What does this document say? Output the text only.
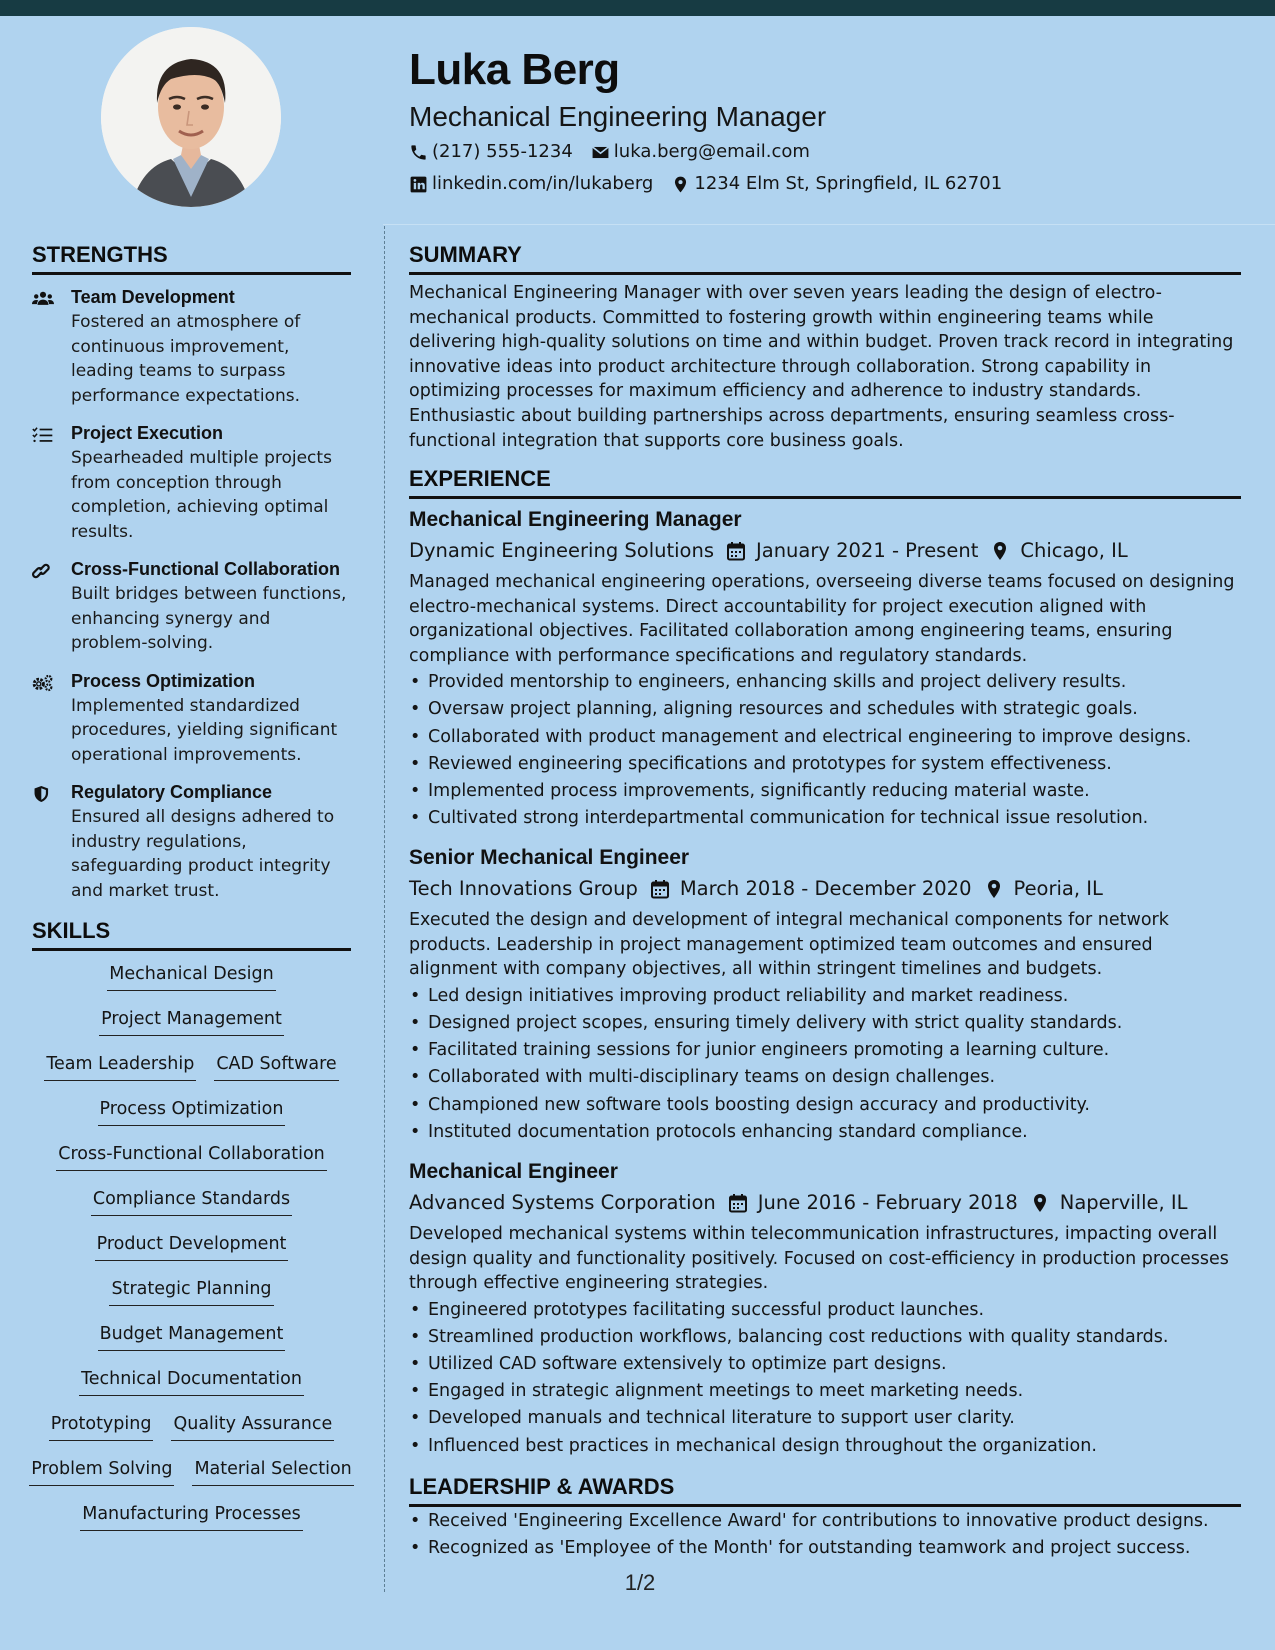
Luka Berg
Mechanical Engineering Manager
(217) 555-1234 luka.berg@email.com
linkedin.com/in/lukaberg 1234 Elm St, Springfield, IL 62701
STRENGTHS
Team Development
Fostered an atmosphere of continuous improvement, leading teams to surpass performance expectations.
Project Execution
Spearheaded multiple projects from conception through completion, achieving optimal results.
Cross-Functional Collaboration
Built bridges between functions, enhancing synergy and problem-solving.
Process Optimization
Implemented standardized procedures, yielding significant operational improvements.
Regulatory Compliance
Ensured all designs adhered to industry regulations, safeguarding product integrity and market trust.
SKILLS
Mechanical Design
Project Management
Team Leadership CAD Software
Process Optimization
Cross-Functional Collaboration
Compliance Standards
Product Development
Strategic Planning
Budget Management
Technical Documentation
Prototyping Quality Assurance
Problem Solving Material Selection
Manufacturing Processes
SUMMARY
Mechanical Engineering Manager with over seven years leading the design of electro-mechanical products. Committed to fostering growth within engineering teams while delivering high-quality solutions on time and within budget. Proven track record in integrating innovative ideas into product architecture through collaboration. Strong capability in optimizing processes for maximum efficiency and adherence to industry standards. Enthusiastic about building partnerships across departments, ensuring seamless cross-functional integration that supports core business goals.
EXPERIENCE
Mechanical Engineering Manager
Dynamic Engineering Solutions January 2021 - Present Chicago, IL
Managed mechanical engineering operations, overseeing diverse teams focused on designing electro-mechanical systems. Direct accountability for project execution aligned with organizational objectives. Facilitated collaboration among engineering teams, ensuring compliance with performance specifications and regulatory standards.
• Provided mentorship to engineers, enhancing skills and project delivery results.
• Oversaw project planning, aligning resources and schedules with strategic goals.
• Collaborated with product management and electrical engineering to improve designs.
• Reviewed engineering specifications and prototypes for system effectiveness.
• Implemented process improvements, significantly reducing material waste.
• Cultivated strong interdepartmental communication for technical issue resolution.
Senior Mechanical Engineer
Tech Innovations Group March 2018 - December 2020 Peoria, IL
Executed the design and development of integral mechanical components for network products. Leadership in project management optimized team outcomes and ensured alignment with company objectives, all within stringent timelines and budgets.
• Led design initiatives improving product reliability and market readiness.
• Designed project scopes, ensuring timely delivery with strict quality standards.
• Facilitated training sessions for junior engineers promoting a learning culture.
• Collaborated with multi-disciplinary teams on design challenges.
• Championed new software tools boosting design accuracy and productivity.
• Instituted documentation protocols enhancing standard compliance.
Mechanical Engineer
Advanced Systems Corporation June 2016 - February 2018 Naperville, IL
Developed mechanical systems within telecommunication infrastructures, impacting overall design quality and functionality positively. Focused on cost-efficiency in production processes through effective engineering strategies.
• Engineered prototypes facilitating successful product launches.
• Streamlined production workflows, balancing cost reductions with quality standards.
• Utilized CAD software extensively to optimize part designs.
• Engaged in strategic alignment meetings to meet marketing needs.
• Developed manuals and technical literature to support user clarity.
• Influenced best practices in mechanical design throughout the organization.
LEADERSHIP & AWARDS
• Received 'Engineering Excellence Award' for contributions to innovative product designs.
• Recognized as 'Employee of the Month' for outstanding teamwork and project success.
1/2
